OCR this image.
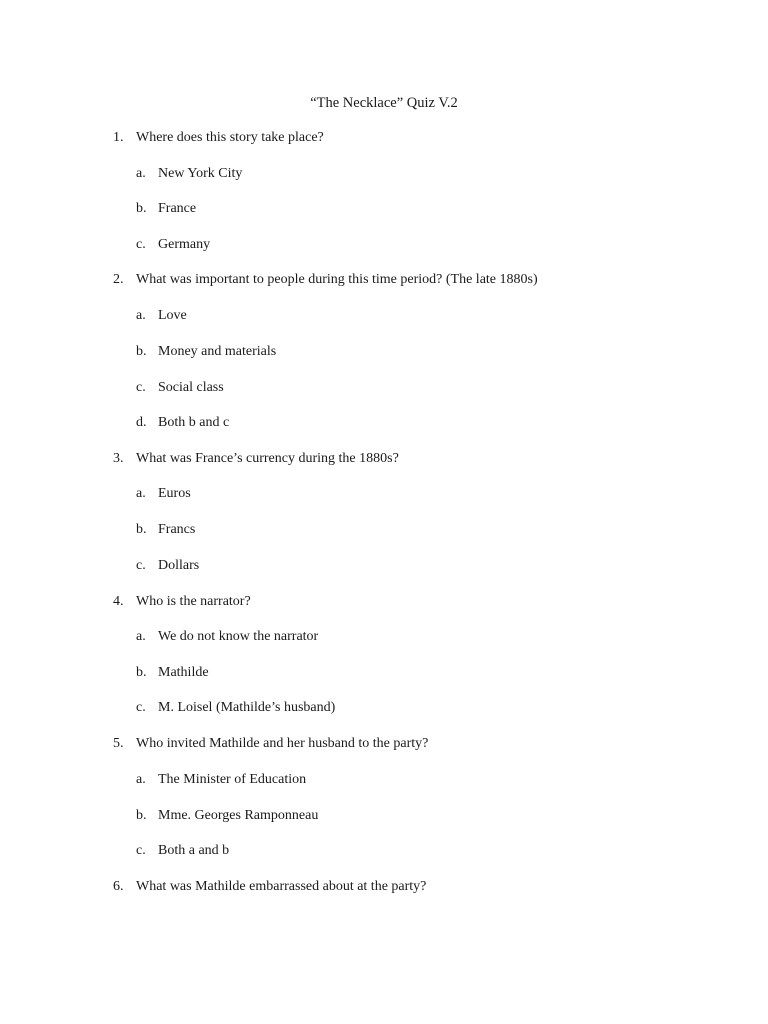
“The Necklace” Quiz V.2
1. Where does this story take place?
a. New York City
b. France
c. Germany
2. What was important to people during this time period? (The late 1880s)
a. Love
b. Money and materials
c. Social class
d. Both b and c
3. What was France’s currency during the 1880s?
a. Euros
b. Francs
c. Dollars
4. Who is the narrator?
a. We do not know the narrator
b. Mathilde
c. M. Loisel (Mathilde’s husband)
5. Who invited Mathilde and her husband to the party?
a. The Minister of Education
b. Mme. Georges Ramponneau
c. Both a and b
6. What was Mathilde embarrassed about at the party?
